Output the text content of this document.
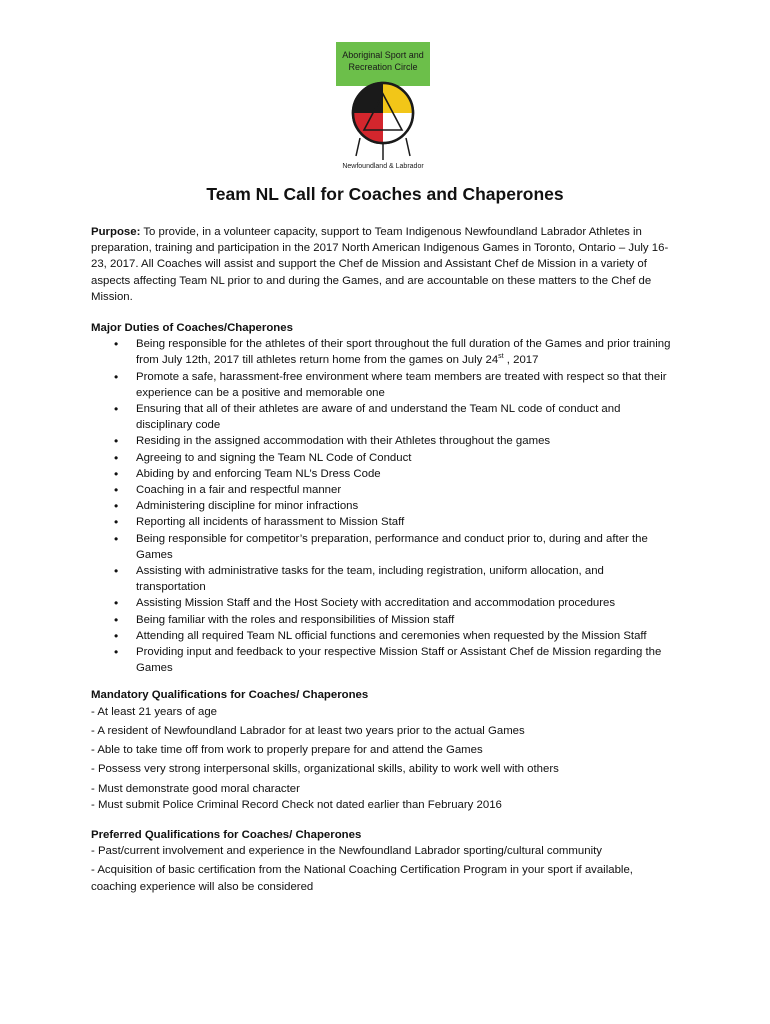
Aboriginal Sport and
Recreation Circle
Newfoundland & Labrador
Team NL Call for Coaches and Chaperones

Purpose: To provide, in a volunteer capacity, support to Team Indigenous Newfoundland Labrador Athletes in preparation, training and participation in the 2017 North American Indigenous Games in Toronto, Ontario – July 16-23, 2017. All Coaches will assist and support the Chef de Mission and Assistant Chef de Mission in a variety of aspects affecting Team NL prior to and during the Games, and are accountable on these matters to the Chef de Mission.

Major Duties of Coaches/Chaperones

• Being responsible for the athletes of their sport throughout the full duration of the Games and prior training from July 12th, 2017 till athletes return home from the games on July 24st , 2017
• Promote a safe, harassment-free environment where team members are treated with respect so that their experience can be a positive and memorable one
• Ensuring that all of their athletes are aware of and understand the Team NL code of conduct and disciplinary code
• Residing in the assigned accommodation with their Athletes throughout the games
• Agreeing to and signing the Team NL Code of Conduct
• Abiding by and enforcing Team NL’s Dress Code
• Coaching in a fair and respectful manner
• Administering discipline for minor infractions
• Reporting all incidents of harassment to Mission Staff
• Being responsible for competitor’s preparation, performance and conduct prior to, during and after the Games
• Assisting with administrative tasks for the team, including registration, uniform allocation, and transportation
• Assisting Mission Staff and the Host Society with accreditation and accommodation procedures
• Being familiar with the roles and responsibilities of Mission staff
• Attending all required Team NL official functions and ceremonies when requested by the Mission Staff
• Providing input and feedback to your respective Mission Staff or Assistant Chef de Mission regarding the Games

Mandatory Qualifications for Coaches/ Chaperones

- At least 21 years of age

- A resident of Newfoundland Labrador for at least two years prior to the actual Games

- Able to take time off from work to properly prepare for and attend the Games

- Possess very strong interpersonal skills, organizational skills, ability to work well with others

- Must demonstrate good moral character

- Must submit Police Criminal Record Check not dated earlier than February 2016

Preferred Qualifications for Coaches/ Chaperones

- Past/current involvement and experience in the Newfoundland Labrador sporting/cultural community

- Acquisition of basic certification from the National Coaching Certification Program in your sport if available, coaching experience will also be considered
